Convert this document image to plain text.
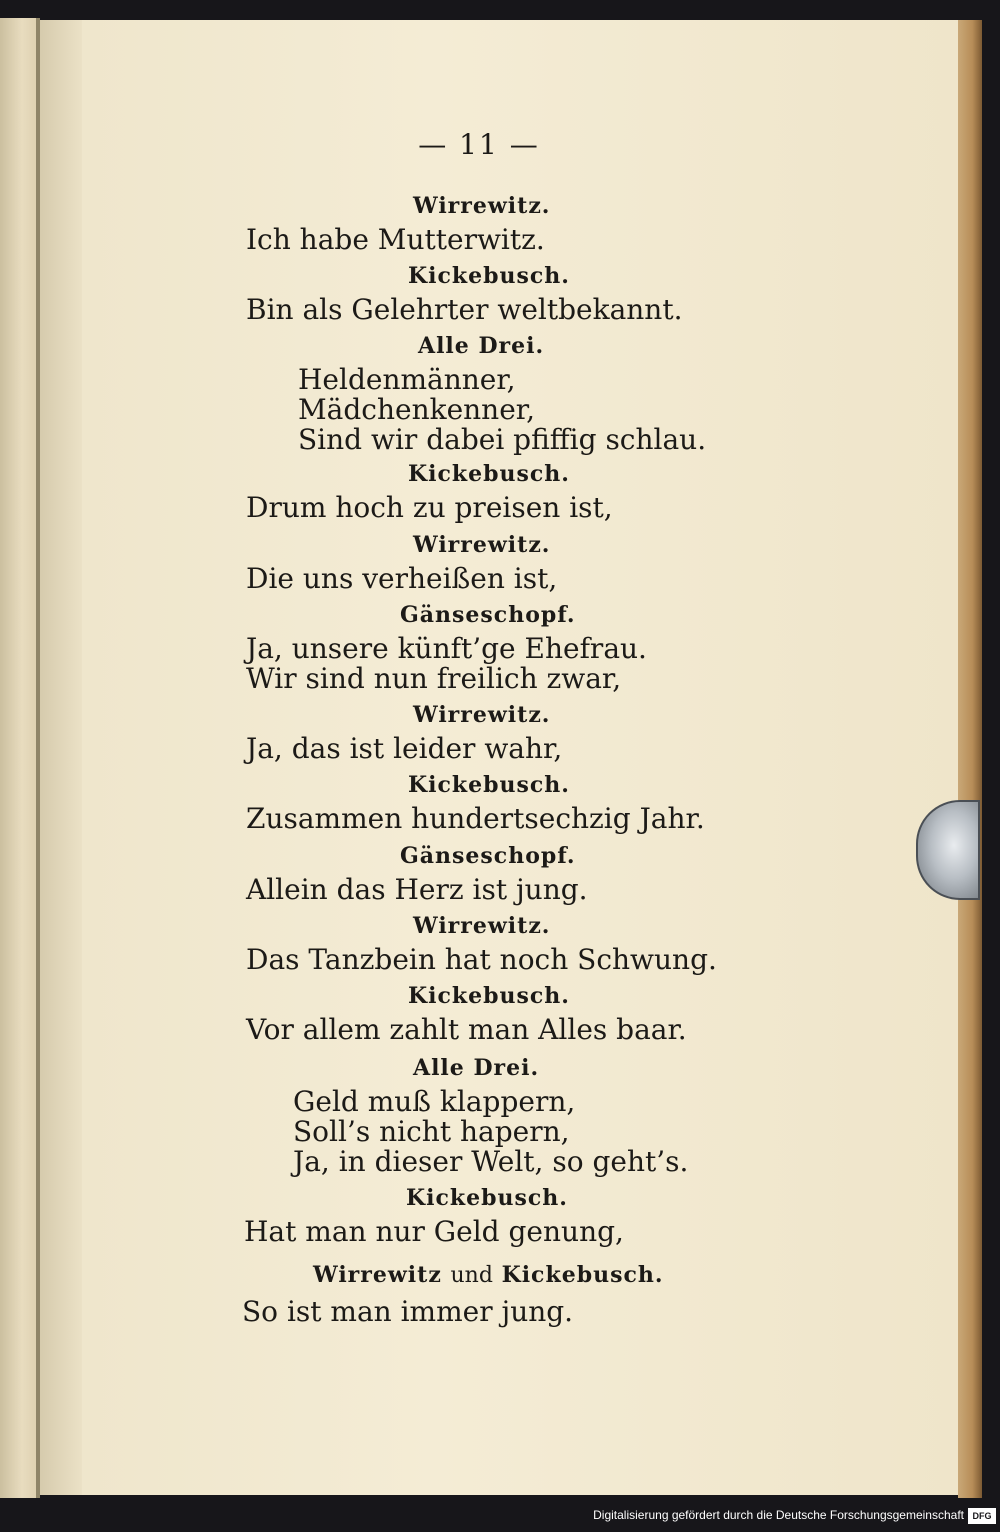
— 11 —
Wirrewitz.
Ich habe Mutterwitz.
Kickebusch.
Bin als Gelehrter weltbekannt.
Alle Drei.
Heldenmänner,
Mädchenkenner,
Sind wir dabei pfiffig schlau.
Kickebusch.
Drum hoch zu preisen ist,
Wirrewitz.
Die uns verheißen ist,
Gänseschopf.
Ja, unsere künft’ge Ehefrau.
Wir sind nun freilich zwar,
Wirrewitz.
Ja, das ist leider wahr,
Kickebusch.
Zusammen hundertsechzig Jahr.
Gänseschopf.
Allein das Herz ist jung.
Wirrewitz.
Das Tanzbein hat noch Schwung.
Kickebusch.
Vor allem zahlt man Alles baar.
Alle Drei.
Geld muß klappern,
Soll’s nicht hapern,
Ja, in dieser Welt, so geht’s.
Kickebusch.
Hat man nur Geld genung,
Wirrewitz und Kickebusch.
So ist man immer jung.
Digitalisierung gefördert durch die Deutsche Forschungsgemeinschaft DFG
